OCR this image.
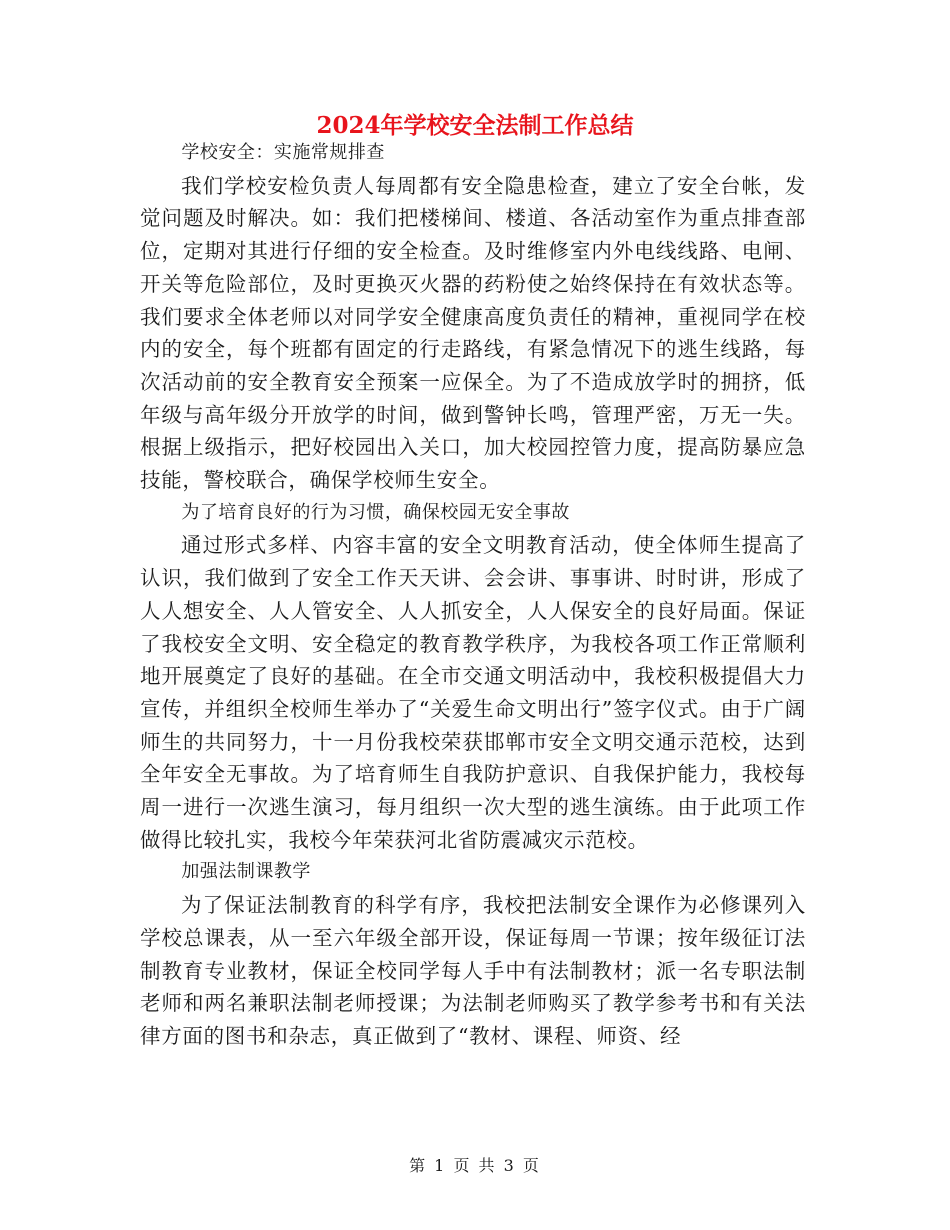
2024年学校安全法制工作总结

学校安全：实施常规排查

我们学校安检负责人每周都有安全隐患检查，建立了安全台帐，发觉问题及时解决。如：我们把楼梯间、楼道、各活动室作为重点排查部位，定期对其进行仔细的安全检查。及时维修室内外电线线路、电闸、开关等危险部位，及时更换灭火器的药粉使之始终保持在有效状态等。我们要求全体老师以对同学安全健康高度负责任的精神，重视同学在校内的安全，每个班都有固定的行走路线，有紧急情况下的逃生线路，每次活动前的安全教育安全预案一应保全。为了不造成放学时的拥挤，低年级与高年级分开放学的时间，做到警钟长鸣，管理严密，万无一失。根据上级指示，把好校园出入关口，加大校园控管力度，提高防暴应急技能，警校联合，确保学校师生安全。

为了培育良好的行为习惯，确保校园无安全事故

通过形式多样、内容丰富的安全文明教育活动，使全体师生提高了认识，我们做到了安全工作天天讲、会会讲、事事讲、时时讲，形成了人人想安全、人人管安全、人人抓安全，人人保安全的良好局面。保证了我校安全文明、安全稳定的教育教学秩序，为我校各项工作正常顺利地开展奠定了良好的基础。在全市交通文明活动中，我校积极提倡大力宣传，并组织全校师生举办了“关爱生命文明出行”签字仪式。由于广阔师生的共同努力，十一月份我校荣获邯郸市安全文明交通示范校，达到全年安全无事故。为了培育师生自我防护意识、自我保护能力，我校每周一进行一次逃生演习，每月组织一次大型的逃生演练。由于此项工作做得比较扎实，我校今年荣获河北省防震减灾示范校。

加强法制课教学

为了保证法制教育的科学有序，我校把法制安全课作为必修课列入学校总课表，从一至六年级全部开设，保证每周一节课；按年级征订法制教育专业教材，保证全校同学每人手中有法制教材；派一名专职法制老师和两名兼职法制老师授课；为法制老师购买了教学参考书和有关法律方面的图书和杂志，真正做到了“教材、课程、师资、经

第 1 页 共 3 页
